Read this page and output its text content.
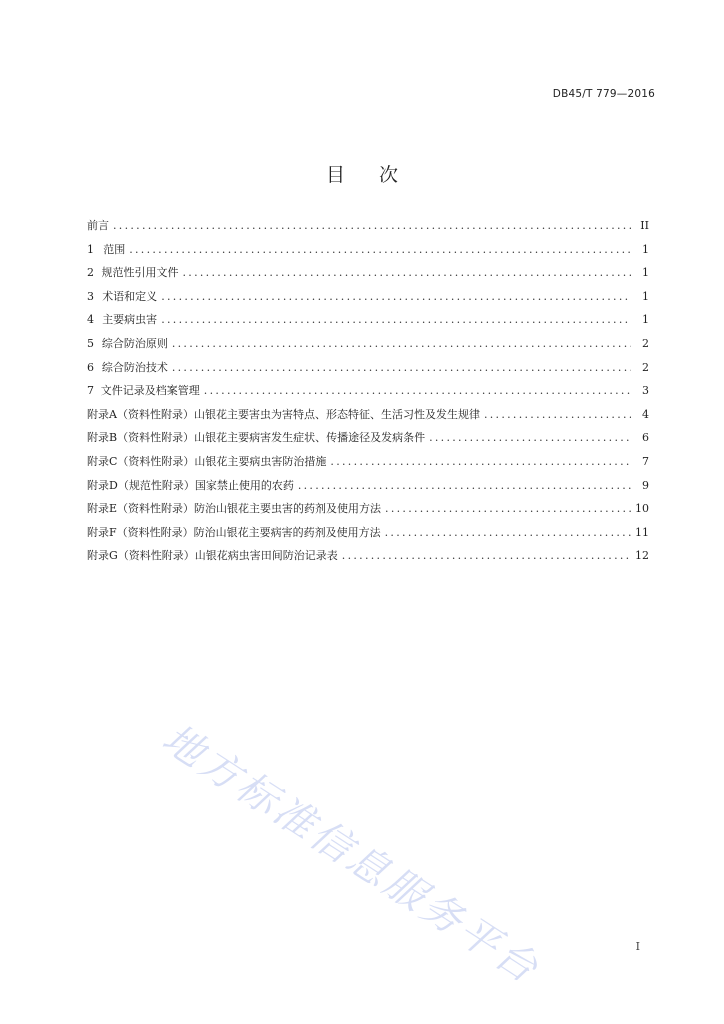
DB45/T 779—2016
目 次
前言 . . .	II
1 范围 . . .	1
2 规范性引用文件 . . .	1
3 术语和定义 . . .	1
4 主要病虫害 . . .	1
5 综合防治原则 . . .	2
6 综合防治技术 . . .	2
7 文件记录及档案管理 . . .	3
附录A（资料性附录） 山银花主要害虫为害特点、形态特征、生活习性及发生规律 . . .	4
附录B（资料性附录） 山银花主要病害发生症状、传播途径及发病条件 . . .	6
附录C（资料性附录） 山银花主要病虫害防治措施 . . .	7
附录D（规范性附录） 国家禁止使用的农药 . . .	9
附录E（资料性附录） 防治山银花主要虫害的药剂及使用方法 . . .	10
附录F（资料性附录） 防治山银花主要病害的药剂及使用方法 . . .	11
附录G（资料性附录） 山银花病虫害田间防治记录表 . . .	12
地方标准信息服务平台	I
